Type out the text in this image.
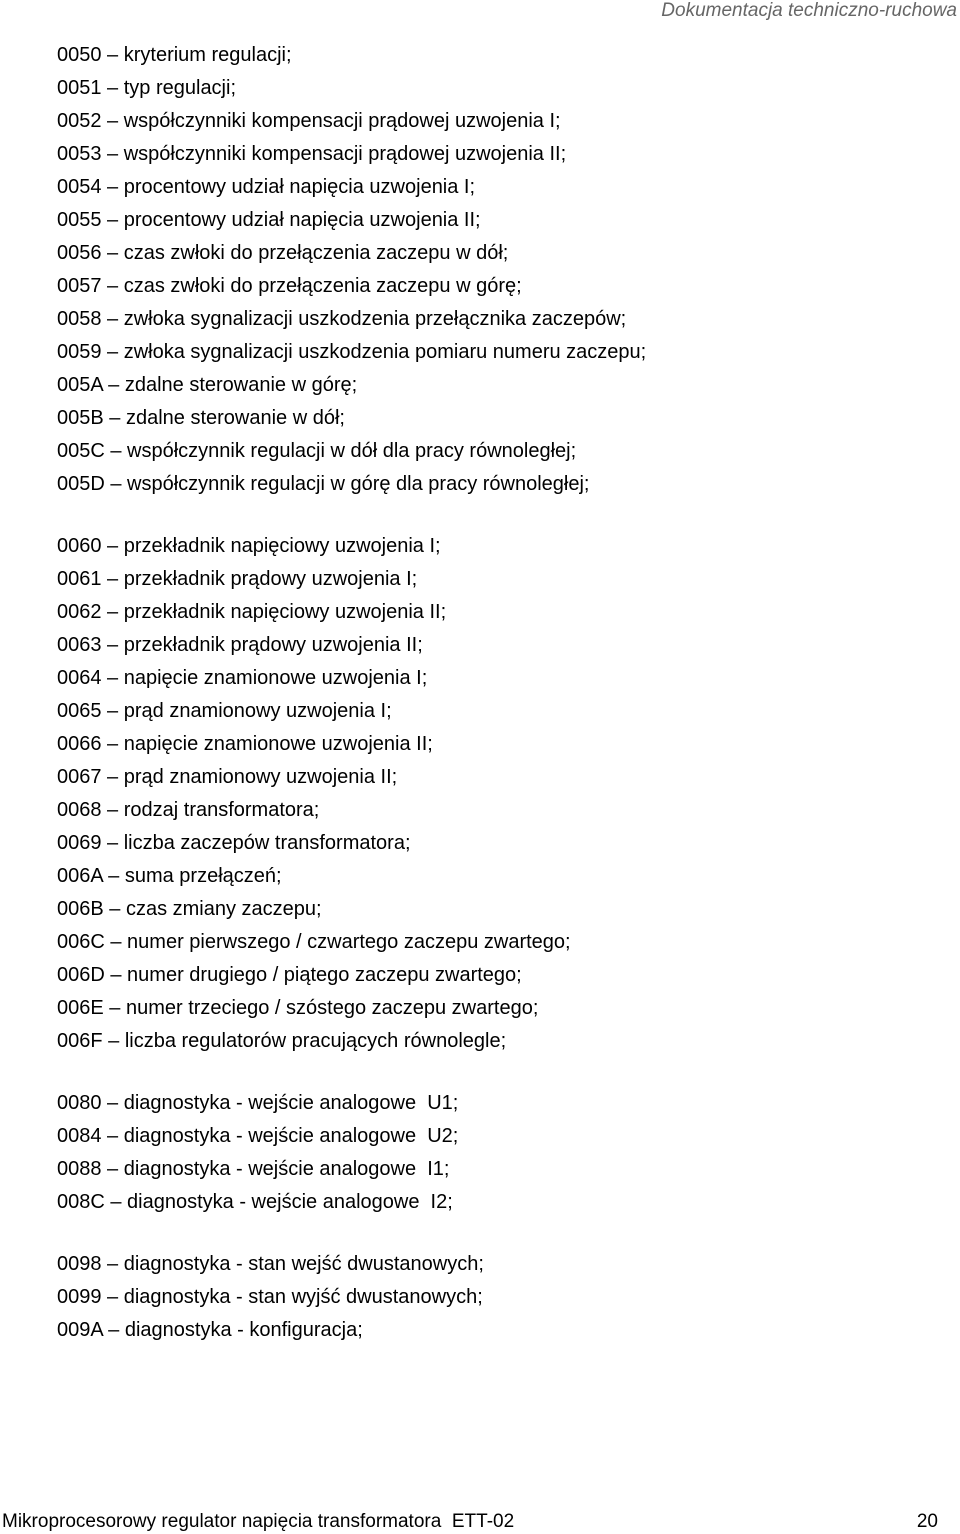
Dokumentacja techniczno-ruchowa
0050 – kryterium regulacji;
0051 – typ regulacji;
0052 – współczynniki kompensacji prądowej uzwojenia I;
0053 – współczynniki kompensacji prądowej uzwojenia II;
0054 – procentowy udział napięcia uzwojenia I;
0055 – procentowy udział napięcia uzwojenia II;
0056 – czas zwłoki do przełączenia zaczepu w dół;
0057 – czas zwłoki do przełączenia zaczepu w górę;
0058 – zwłoka sygnalizacji uszkodzenia przełącznika zaczepów;
0059 – zwłoka sygnalizacji uszkodzenia pomiaru numeru zaczepu;
005A – zdalne sterowanie w górę;
005B – zdalne sterowanie w dół;
005C – współczynnik regulacji w dół dla pracy równoległej;
005D – współczynnik regulacji w górę dla pracy równoległej;
0060 – przekładnik napięciowy uzwojenia I;
0061 – przekładnik prądowy uzwojenia I;
0062 – przekładnik napięciowy uzwojenia II;
0063 – przekładnik prądowy uzwojenia II;
0064 – napięcie znamionowe uzwojenia I;
0065 – prąd znamionowy uzwojenia I;
0066 – napięcie znamionowe uzwojenia II;
0067 – prąd znamionowy uzwojenia II;
0068 – rodzaj transformatora;
0069 – liczba zaczepów transformatora;
006A – suma przełączeń;
006B – czas zmiany zaczepu;
006C – numer pierwszego / czwartego zaczepu zwartego;
006D – numer drugiego / piątego zaczepu zwartego;
006E – numer trzeciego / szóstego zaczepu zwartego;
006F – liczba regulatorów pracujących równolegle;
0080 – diagnostyka - wejście analogowe  U1;
0084 – diagnostyka - wejście analogowe  U2;
0088 – diagnostyka - wejście analogowe  I1;
008C – diagnostyka - wejście analogowe  I2;
0098 – diagnostyka - stan wejść dwustanowych;
0099 – diagnostyka - stan wyjść dwustanowych;
009A – diagnostyka - konfiguracja;
Mikroprocesorowy regulator napięcia transformatora  ETT-02	20
